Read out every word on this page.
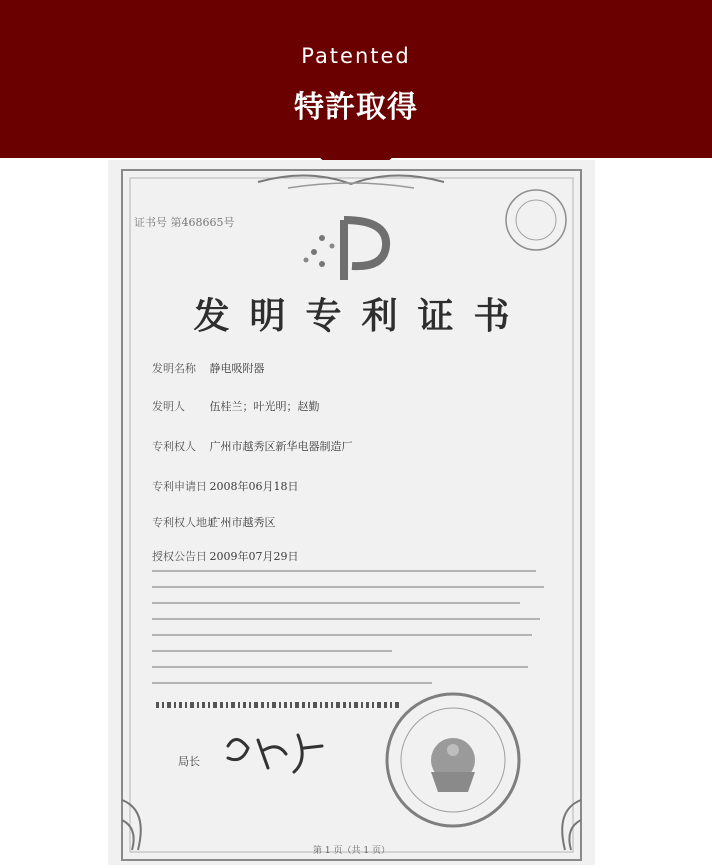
Patented
特許取得
证书号 第468665号
发明专利证书
发明名称 静电吸附器
发明人 伍桂兰；叶光明；赵勤
专利权人 广州市越秀区新华电器制造厂
专利申请日 2008年06月18日
专利权人地址 广州市越秀区
授权公告日 2009年07月29日
局长
第 1 页（共 1 页）
